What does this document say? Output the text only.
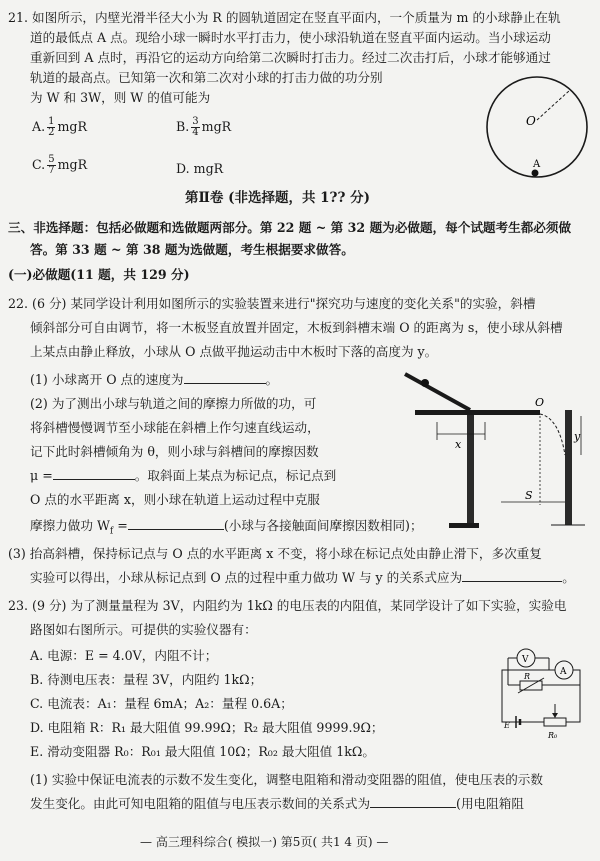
21. 如图所示，内壁光滑半径大小为 R 的圆轨道固定在竖直平面内，一个质量为 m 的小球静止在轨
道的最低点 A 点。现给小球一瞬时水平打击力，使小球沿轨道在竖直平面内运动。当小球运动
重新回到 A 点时，再沿它的运动方向给第二次瞬时打击力。经过二次击打后，小球才能够通过
轨道的最高点。已知第一次和第二次对小球的打击力做的功分别
为 W 和 3W，则 W 的值可能为
A. $\frac{1}{2}$ mgR	B. $\frac{3}{4}$ mgR
C. $\frac{5}{7}$ mgR	D. mgR
O
A
第Ⅱ卷 (非选择题，共 1?? 分)
三、非选择题：包括必做题和选做题两部分。第 22 题 ~ 第 32 题为必做题，每个试题考生都必须做
答。第 33 题 ~ 第 38 题为选做题，考生根据要求做答。
(一)必做题(11 题，共 129 分)
22. (6 分) 某同学设计利用如图所示的实验装置来进行"探究功与速度的变化关系"的实验，斜槽
倾斜部分可自由调节，将一木板竖直放置并固定，木板到斜槽末端 O 的距离为 s，使小球从斜槽
上某点由静止释放，小球从 O 点做平抛运动击中木板时下落的高度为 y。
(1) 小球离开 O 点的速度为	。
(2) 为了测出小球与轨道之间的摩擦力所做的功，可
将斜槽慢慢调节至小球能在斜槽上作匀速直线运动，
记下此时斜槽倾角为 θ，则小球与斜槽间的摩擦因数
μ =	。取斜面上某点为标记点，标记点到
O 点的水平距离 x，则小球在轨道上运动过程中克服
摩擦力做功 $W_f$ =	(小球与各接触面间摩擦因数相同)；
(3) 抬高斜槽，保持标记点与 O 点的水平距离 x 不变，将小球在标记点处由静止滑下，多次重复
实验可以得出，小球从标记点到 O 点的过程中重力做功 W 与 y 的关系式应为	。
O
x
y
S
23. (9 分) 为了测量量程为 3V，内阻约为 1kΩ 的电压表的内阻值，某同学设计了如下实验，实验电
路图如右图所示。可提供的实验仪器有：
A. 电源：E = 4.0V，内阻不计；
B. 待测电压表：量程 3V，内阻约 1kΩ；
C. 电流表：A₁：量程 6mA；A₂：量程 0.6A；
D. 电阻箱 R：R₁ 最大阻值 99.99Ω；R₂ 最大阻值 9999.9Ω；
E. 滑动变阻器 R₀：R₀₁ 最大阻值 10Ω；R₀₂ 最大阻值 1kΩ。
(1) 实验中保证电流表的示数不发生变化，调整电阻箱和滑动变阻器的阻值，使电压表的示数
发生变化。由此可知电阻箱的阻值与电压表示数间的关系式为	(用电阻箱阻
V
A
R
E
R₀
— 高三理科综合( 模拟一) 第5页( 共1 4 页) —
